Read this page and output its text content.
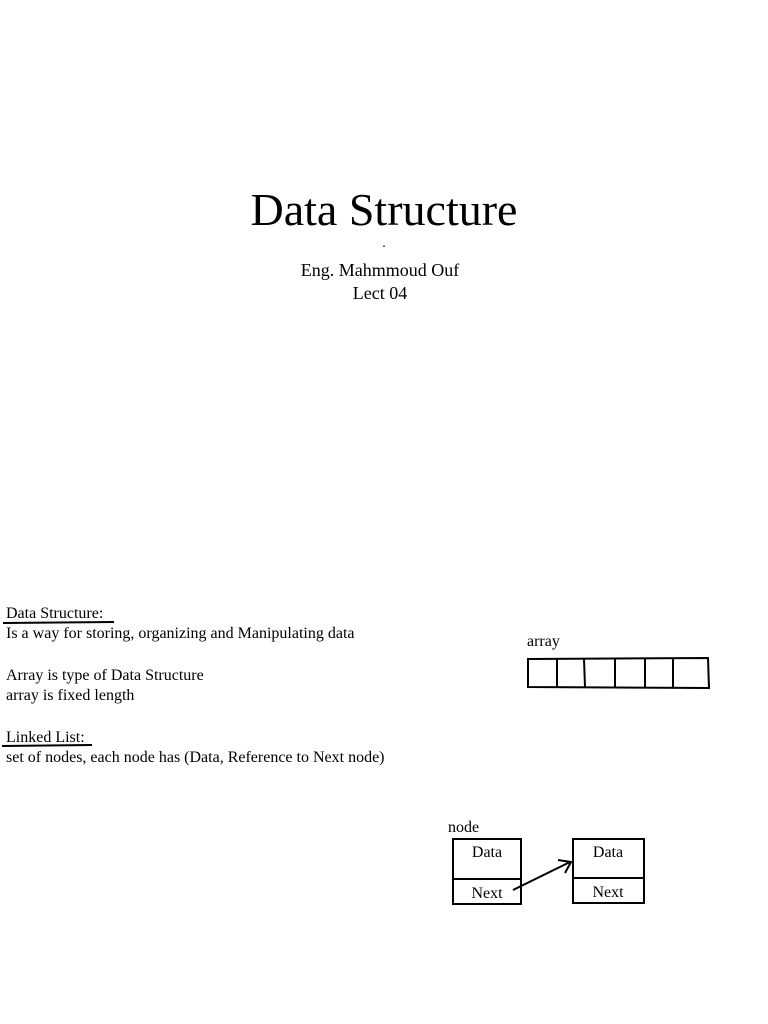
Data Structure
.
Eng. Mahmmoud Ouf
Lect 04
Data Structure:
Is a way for storing, organizing and Manipulating data
Array is type of Data Structure
array is fixed length
Linked List:
set of nodes, each node has (Data, Reference to Next node)
array
node
Data
Next
Data
Next
